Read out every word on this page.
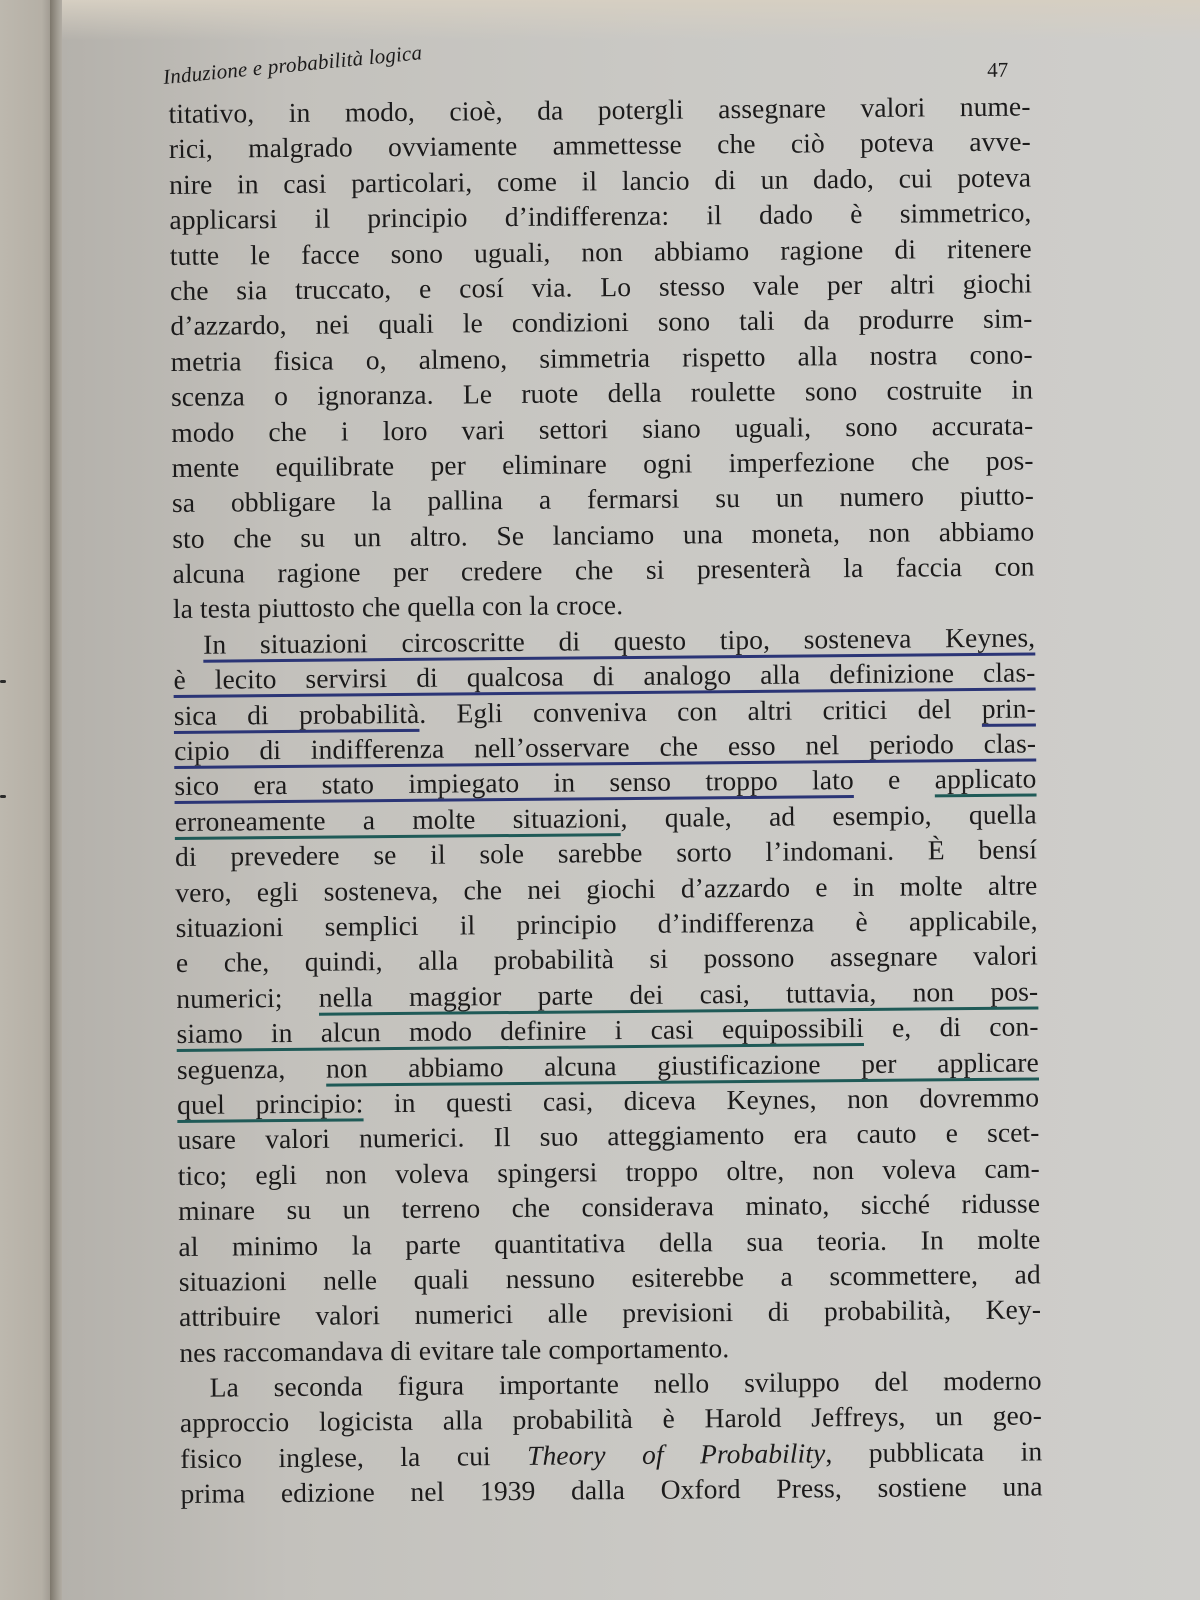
Induzione e probabilità logica	47
titativo, in modo, cioè, da potergli assegnare valori nume-
rici, malgrado ovviamente ammettesse che ciò poteva avve-
nire in casi particolari, come il lancio di un dado, cui poteva
applicarsi il principio d’indifferenza: il dado è simmetrico,
tutte le facce sono uguali, non abbiamo ragione di ritenere
che sia truccato, e cosí via. Lo stesso vale per altri giochi
d’azzardo, nei quali le condizioni sono tali da produrre sim-
metria fisica o, almeno, simmetria rispetto alla nostra cono-
scenza o ignoranza. Le ruote della roulette sono costruite in
modo che i loro vari settori siano uguali, sono accurata-
mente equilibrate per eliminare ogni imperfezione che pos-
sa obbligare la pallina a fermarsi su un numero piutto-
sto che su un altro. Se lanciamo una moneta, non abbiamo
alcuna ragione per credere che si presenterà la faccia con
la testa piuttosto che quella con la croce.
In situazioni circoscritte di questo tipo, sosteneva Keynes,
è lecito servirsi di qualcosa di analogo alla definizione clas-
sica di probabilità. Egli conveniva con altri critici del prin-
cipio di indifferenza nell’osservare che esso nel periodo clas-
sico era stato impiegato in senso troppo lato e applicato
erroneamente a molte situazioni, quale, ad esempio, quella
di prevedere se il sole sarebbe sorto l’indomani. È bensí
vero, egli sosteneva, che nei giochi d’azzardo e in molte altre
situazioni semplici il principio d’indifferenza è applicabile,
e che, quindi, alla probabilità si possono assegnare valori
numerici; nella maggior parte dei casi, tuttavia, non pos-
siamo in alcun modo definire i casi equipossibili e, di con-
seguenza, non abbiamo alcuna giustificazione per applicare
quel principio: in questi casi, diceva Keynes, non dovremmo
usare valori numerici. Il suo atteggiamento era cauto e scet-
tico; egli non voleva spingersi troppo oltre, non voleva cam-
minare su un terreno che considerava minato, sicché ridusse
al minimo la parte quantitativa della sua teoria. In molte
situazioni nelle quali nessuno esiterebbe a scommettere, ad
attribuire valori numerici alle previsioni di probabilità, Key-
nes raccomandava di evitare tale comportamento.
La seconda figura importante nello sviluppo del moderno
approccio logicista alla probabilità è Harold Jeffreys, un geo-
fisico inglese, la cui Theory of Probability, pubblicata in
prima edizione nel 1939 dalla Oxford Press, sostiene una
